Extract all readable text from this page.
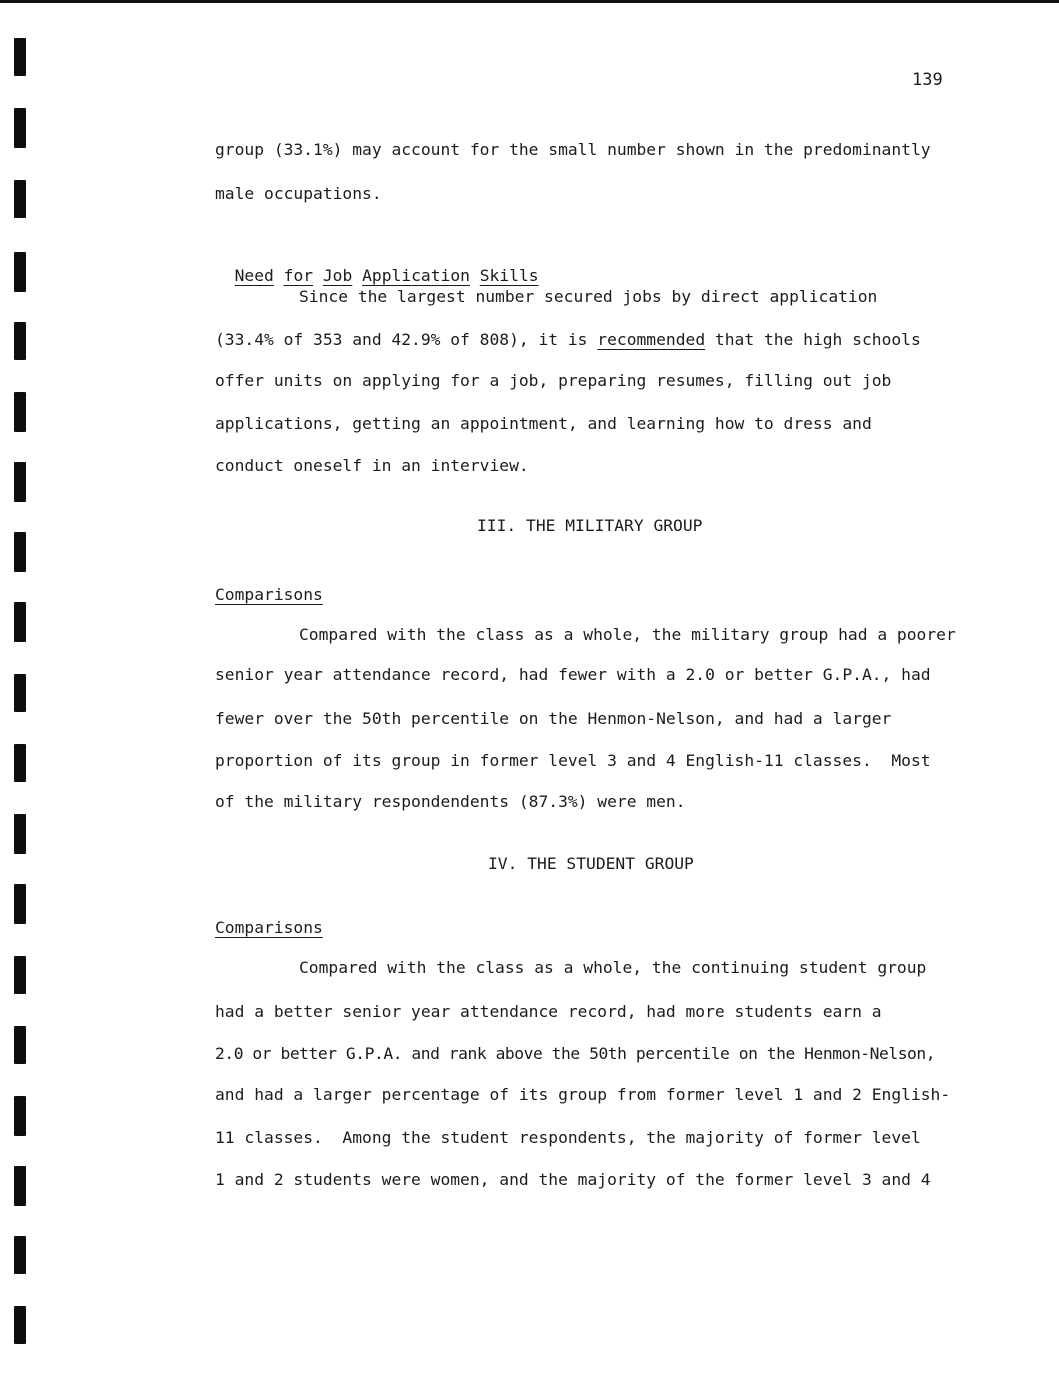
139
group (33.1%) may account for the small number shown in the predominantly
male occupations.

Need for Job Application Skills

Since the largest number secured jobs by direct application
(33.4% of 353 and 42.9% of 808), it is recommended that the high schools
offer units on applying for a job, preparing resumes, filling out job
applications, getting an appointment, and learning how to dress and
conduct oneself in an interview.
III. THE MILITARY GROUP
Comparisons
Compared with the class as a whole, the military group had a poorer
senior year attendance record, had fewer with a 2.0 or better G.P.A., had
fewer over the 50th percentile on the Henmon-Nelson, and had a larger
proportion of its group in former level 3 and 4 English-11 classes.  Most
of the military respondendents (87.3%) were men.
IV. THE STUDENT GROUP
Comparisons
Compared with the class as a whole, the continuing student group
had a better senior year attendance record, had more students earn a
2.0 or better G.P.A. and rank above the 50th percentile on the Henmon-Nelson,
and had a larger percentage of its group from former level 1 and 2 English-
11 classes.  Among the student respondents, the majority of former level
1 and 2 students were women, and the majority of the former level 3 and 4
